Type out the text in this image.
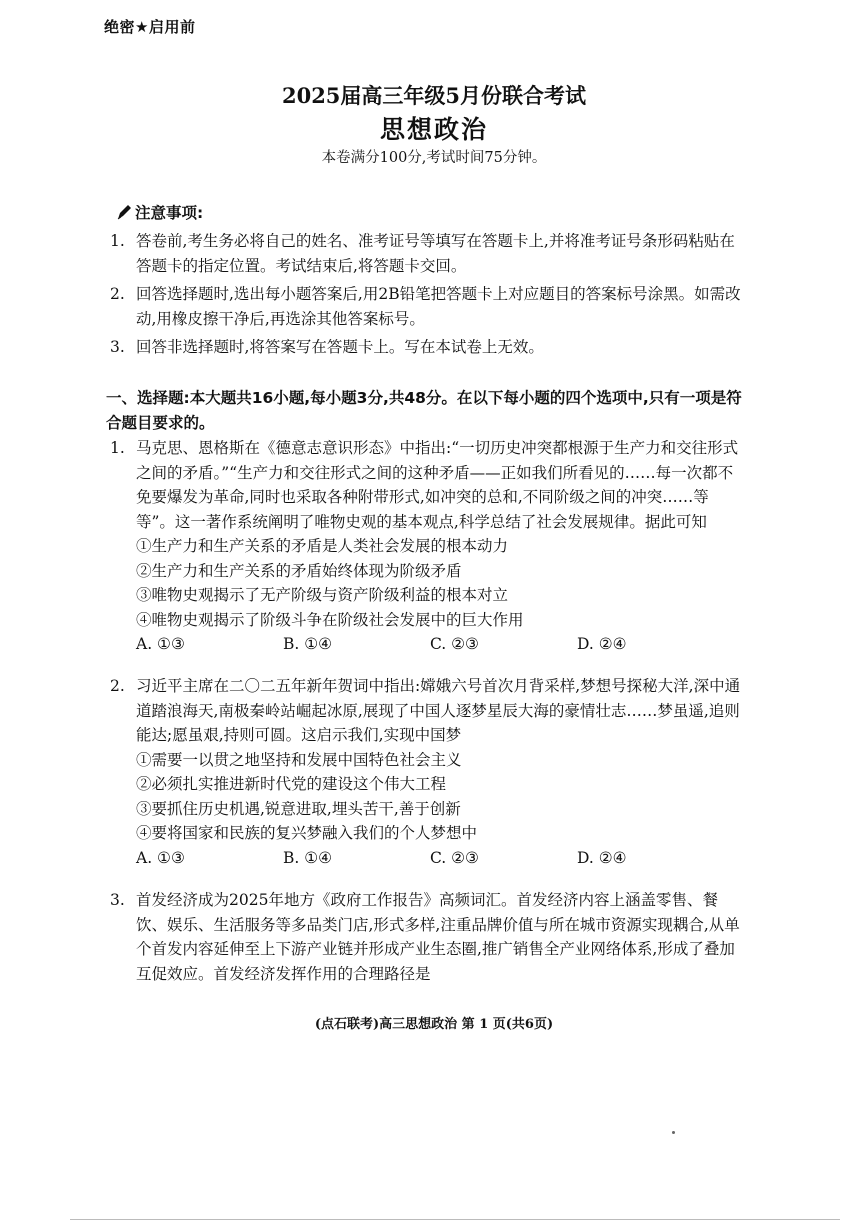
绝密★启用前
2025届高三年级5月份联合考试
思想政治
本卷满分100分,考试时间75分钟。
注意事项:
1. 答卷前,考生务必将自己的姓名、准考证号等填写在答题卡上,并将准考证号条形码粘贴在答题卡的指定位置。考试结束后,将答题卡交回。
2. 回答选择题时,选出每小题答案后,用2B铅笔把答题卡上对应题目的答案标号涂黑。如需改动,用橡皮擦干净后,再选涂其他答案标号。
3. 回答非选择题时,将答案写在答题卡上。写在本试卷上无效。
一、选择题:本大题共16小题,每小题3分,共48分。在以下每小题的四个选项中,只有一项是符合题目要求的。
1. 马克思、恩格斯在《德意志意识形态》中指出:“一切历史冲突都根源于生产力和交往形式之间的矛盾。”“生产力和交往形式之间的这种矛盾——正如我们所看见的……每一次都不免要爆发为革命,同时也采取各种附带形式,如冲突的总和,不同阶级之间的冲突……等等”。这一著作系统阐明了唯物史观的基本观点,科学总结了社会发展规律。据此可知
①生产力和生产关系的矛盾是人类社会发展的根本动力
②生产力和生产关系的矛盾始终体现为阶级矛盾
③唯物史观揭示了无产阶级与资产阶级利益的根本对立
④唯物史观揭示了阶级斗争在阶级社会发展中的巨大作用
A. ①③	B. ①④	C. ②③	D. ②④
2. 习近平主席在二〇二五年新年贺词中指出:嫦娥六号首次月背采样,梦想号探秘大洋,深中通道踏浪海天,南极秦岭站崛起冰原,展现了中国人逐梦星辰大海的豪情壮志……梦虽遥,追则能达;愿虽艰,持则可圆。这启示我们,实现中国梦
①需要一以贯之地坚持和发展中国特色社会主义
②必须扎实推进新时代党的建设这个伟大工程
③要抓住历史机遇,锐意进取,埋头苦干,善于创新
④要将国家和民族的复兴梦融入我们的个人梦想中
A. ①③	B. ①④	C. ②③	D. ②④
3. 首发经济成为2025年地方《政府工作报告》高频词汇。首发经济内容上涵盖零售、餐饮、娱乐、生活服务等多品类门店,形式多样,注重品牌价值与所在城市资源实现耦合,从单个首发内容延伸至上下游产业链并形成产业生态圈,推广销售全产业网络体系,形成了叠加互促效应。首发经济发挥作用的合理路径是
(点石联考)高三思想政治 第 1 页(共6页)
